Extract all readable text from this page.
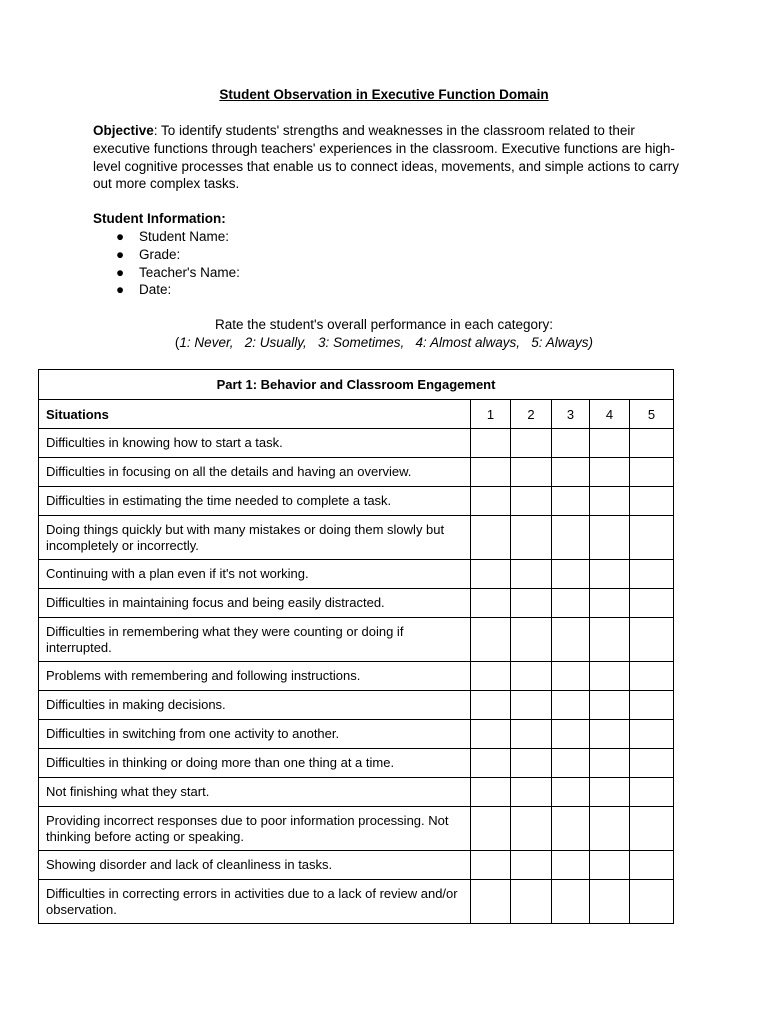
Student Observation in Executive Function Domain
Objective: To identify students' strengths and weaknesses in the classroom related to their executive functions through teachers' experiences in the classroom. Executive functions are high-level cognitive processes that enable us to connect ideas, movements, and simple actions to carry out more complex tasks.
Student Information:
● Student Name:
● Grade:
● Teacher's Name:
● Date:
Rate the student's overall performance in each category:
(1: Never,   2: Usually,   3: Sometimes,   4: Almost always,   5: Always)
Part 1: Behavior and Classroom Engagement					
Situations	1	2	3	4	5
Difficulties in knowing how to start a task.					
Difficulties in focusing on all the details and having an overview.					
Difficulties in estimating the time needed to complete a task.					
Doing things quickly but with many mistakes or doing them slowly but incompletely or incorrectly.					
Continuing with a plan even if it's not working.					
Difficulties in maintaining focus and being easily distracted.					
Difficulties in remembering what they were counting or doing if interrupted.					
Problems with remembering and following instructions.					
Difficulties in making decisions.					
Difficulties in switching from one activity to another.					
Difficulties in thinking or doing more than one thing at a time.					
Not finishing what they start.					
Providing incorrect responses due to poor information processing. Not thinking before acting or speaking.					
Showing disorder and lack of cleanliness in tasks.					
Difficulties in correcting errors in activities due to a lack of review and/or observation.					
